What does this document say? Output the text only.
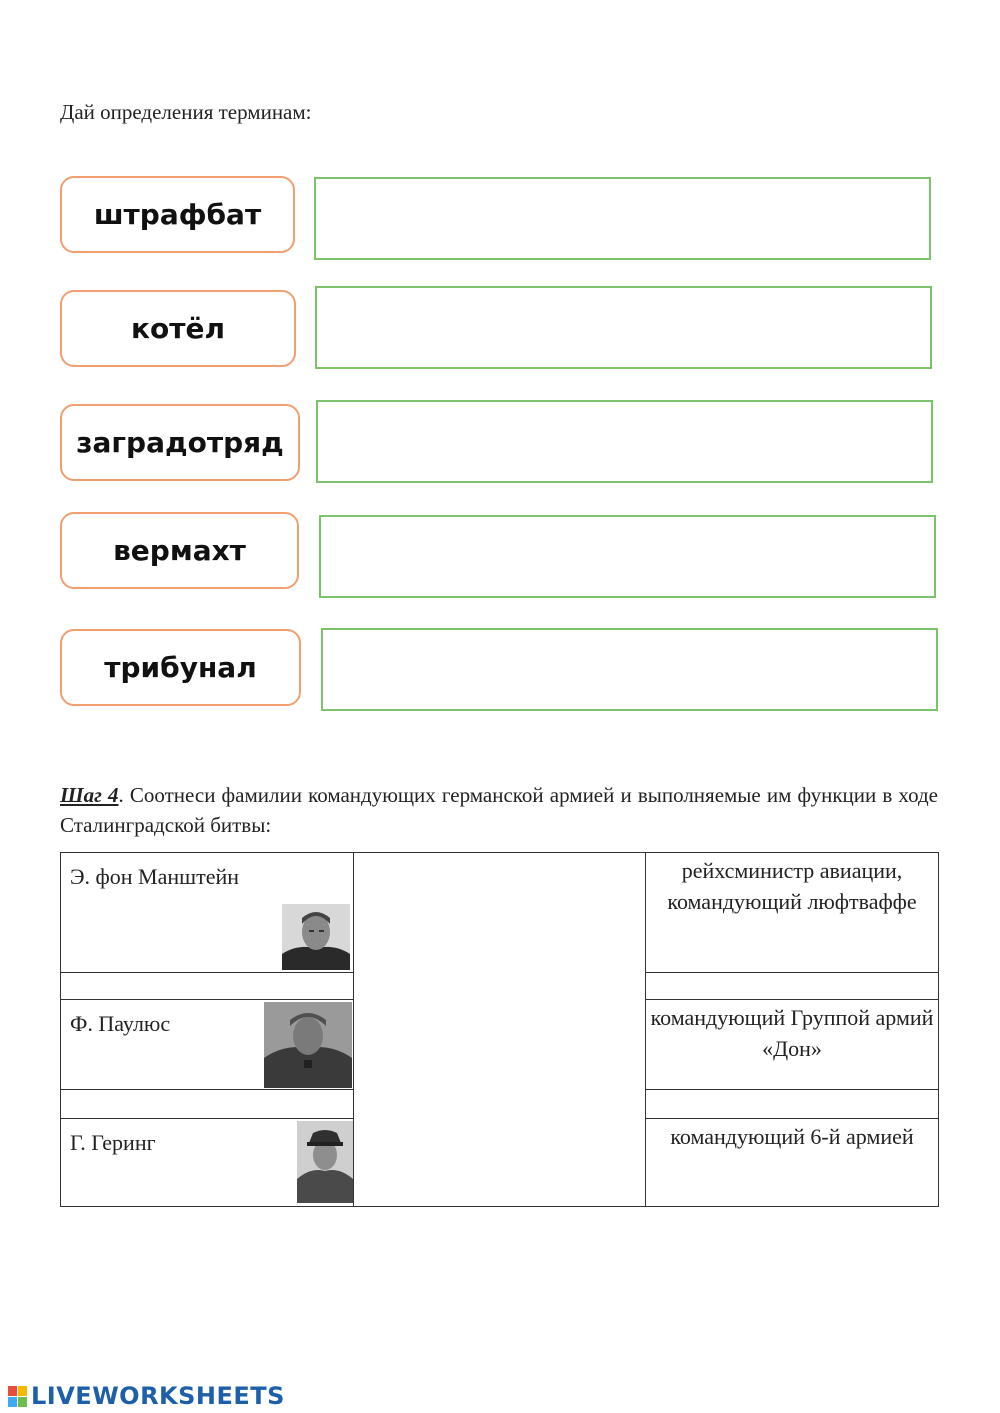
Дай определения терминам:
штрафбат
котёл
заградотряд
вермахт
трибунал
Шаг 4. Соотнеси фамилии командующих германской армией и выполняемые им функции в ходе Сталинградской битвы:
Э. фон Манштейн
Ф. Паулюс
Г. Геринг
рейхсминистр авиации, командующий люфтваффе
командующий Группой армий «Дон»
командующий 6-й армией
LIVEWORKSHEETS
